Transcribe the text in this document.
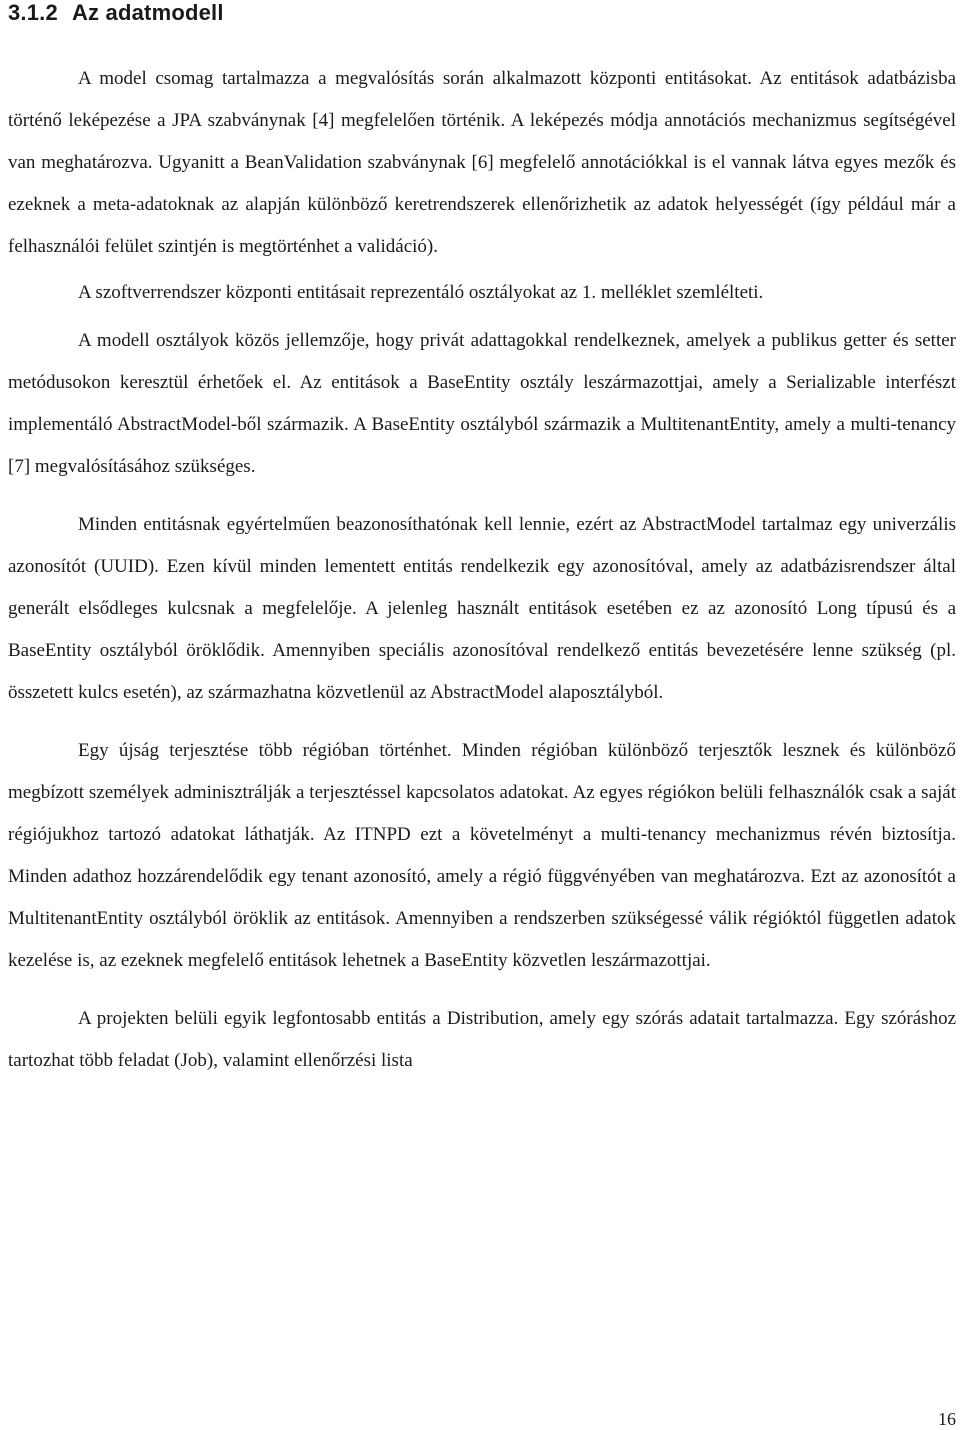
3.1.2 Az adatmodell

A model csomag tartalmazza a megvalósítás során alkalmazott központi entitásokat. Az entitások adatbázisba történő leképezése a JPA szabványnak [4] megfelelően történik. A leképezés módja annotációs mechanizmus segítségével van meghatározva. Ugyanitt a BeanValidation szabványnak [6] megfelelő annotációkkal is el vannak látva egyes mezők és ezeknek a meta-adatoknak az alapján különböző keretrendszerek ellenőrizhetik az adatok helyességét (így például már a felhasználói felület szintjén is megtörténhet a validáció).

A szoftverrendszer központi entitásait reprezentáló osztályokat az 1. melléklet szemlélteti.

A modell osztályok közös jellemzője, hogy privát adattagokkal rendelkeznek, amelyek a publikus getter és setter metódusokon keresztül érhetőek el. Az entitások a BaseEntity osztály leszármazottjai, amely a Serializable interfészt implementáló AbstractModel-ből származik. A BaseEntity osztályból származik a MultitenantEntity, amely a multi-tenancy [7] megvalósításához szükséges.

Minden entitásnak egyértelműen beazonosíthatónak kell lennie, ezért az AbstractModel tartalmaz egy univerzális azonosítót (UUID). Ezen kívül minden lementett entitás rendelkezik egy azonosítóval, amely az adatbázisrendszer által generált elsődleges kulcsnak a megfelelője. A jelenleg használt entitások esetében ez az azonosító Long típusú és a BaseEntity osztályból öröklődik. Amennyiben speciális azonosítóval rendelkező entitás bevezetésére lenne szükség (pl. összetett kulcs esetén), az származhatna közvetlenül az AbstractModel alaposztályból.

Egy újság terjesztése több régióban történhet. Minden régióban különböző terjesztők lesznek és különböző megbízott személyek adminisztrálják a terjesztéssel kapcsolatos adatokat. Az egyes régiókon belüli felhasználók csak a saját régiójukhoz tartozó adatokat láthatják. Az ITNPD ezt a követelményt a multi-tenancy mechanizmus révén biztosítja. Minden adathoz hozzárendelődik egy tenant azonosító, amely a régió függvényében van meghatározva. Ezt az azonosítót a MultitenantEntity osztályból öröklik az entitások. Amennyiben a rendszerben szükségessé válik régióktól független adatok kezelése is, az ezeknek megfelelő entitások lehetnek a BaseEntity közvetlen leszármazottjai.

A projekten belüli egyik legfontosabb entitás a Distribution, amely egy szórás adatait tartalmazza. Egy szóráshoz tartozhat több feladat (Job), valamint ellenőrzési lista

16
